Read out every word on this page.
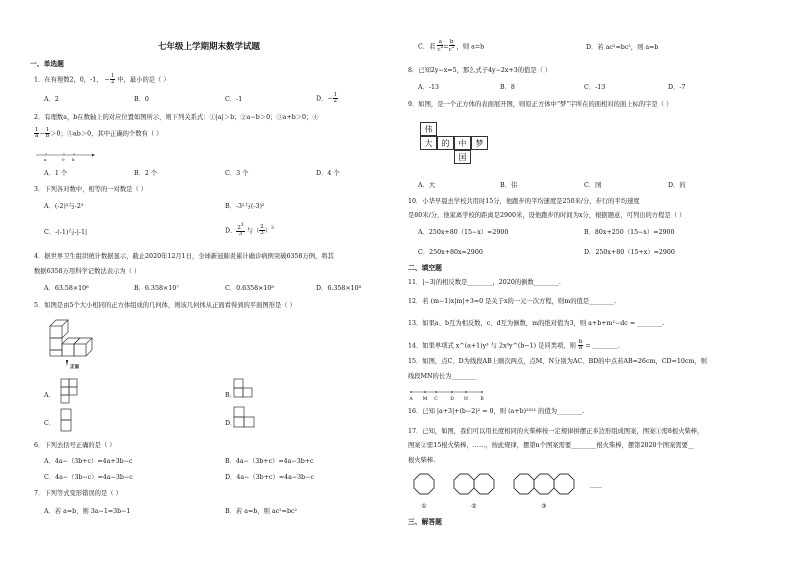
七年级上学期期末数学试题
一、单选题
1．在有理数2，0，-1， − $\frac{1}{2}$ 中，最小的是（ ）
A．2	B．0	C．-1	D．− $\frac{1}{2}$
2．有理数a，b在数轴上的对应位置如图所示，则下列关系式：①|a|＞b；②a−b＞0；③a+b＞0；④
$\frac{1}{a} - \frac{1}{b} >0$；⑤ab＞0，其中正确的个数有（ ）
a	0 b
A．1 个	B．2 个	C．3 个	D．4 个
3．下列各对数中，相等的一对数是（ ）
A．(-2)³与-2³	B．-3²与(-3)²
C．-(-1)与-|-1|	D． $\frac{2^3}{3}$ 与（ $\frac{2}{3} )^3$
4．据世界卫生组织统计数据显示，截止2020年12月1日，全球新冠肺炎累计确诊病例突破6358万例，将其
数据6358万用科学记数法表示为（ ）
A．63.58×10⁶	B．6.358×10⁷	C．0.6358×10⁸	D．6.358×10⁸
5．如图是由5个大小相同的正方体组成的几何体，则该几何体从正面看得到的平面图形是（ ）
正面
A．	B．
C．	D．
6．下列去括号正确的是（ ）
A．4a−（3b+c）=4a+3b−c	B．4a−（3b+c）=4a−3b+c
C．4a−（3b−c）=4a−3b−c	D．4a−（3b+c）=4a−3b−c
7．下列等式变形错误的是（ ）
A．若 a=b，则 3a−1=3b−1	B．若 a=b，则 ac²=bc²
C．若 $\frac{a}{c^2} = \frac{b}{c^2}$ ，则 a=b	D．若 ac²=bc²，则 a=b
8．已知2y−x=5，那么式子4y−2x+3的值是（ ）
A．-13	B．8	C．-13	D．-7
9．如图，是一个正方体的表面展开图，则原正方体中“梦”字所在的面相对的面上标的字是（ ）
伟
大	的	中	梦
国
A．大	B．伟	C．国	D．的
10．小华早晨去学校共用时15分，他跑步的平均速度是250米/分，步行的平均速度
是80米/分，他家离学校的距离是2900米，设他跑步的时间为x分，根据题意，可列出的方程是（ ）
A．250x+80（15−x）=2900	B．80x+250（15−x）=2900
C．250x+80x=2900	D．250x+80（15+x）=2900
二、填空题
11．|−3|的相反数是________，2020的倒数________.
12．若 (m−1)x|m|+3=0 是关于x的一元一次方程，则m的值是________.
13．如果a、b互为相反数，c、d互为倒数，m的绝对值为3，则 a+b+m²−dc = ________.
14．如果单项式 x^(a+1)y³ 与 2x³y^(b−1) 是同类项，则 $\frac{b}{a}$ = ________.
15．如图，点C、D为线段AB上顺次两点，点M、N分别为AC、BD的中点若AB=26cm，CD=10cm，则
线段MN的长为________
A M C	D N	B
16．已知 |a+3|+(b−2)² = 0，则 (a+b)²⁰²¹ 的值为________.
17．已知，如图，我们可以用长度相同的火柴棒按一定规律拼摆正多边形组成图案，图案①需8根火柴棒，
图案②需15根火柴棒，……，按此规律，摆第n个图案需要________根火柴棒，摆第2020个图案需要__
根火柴棒.
①	②	③
……
三、解答题
